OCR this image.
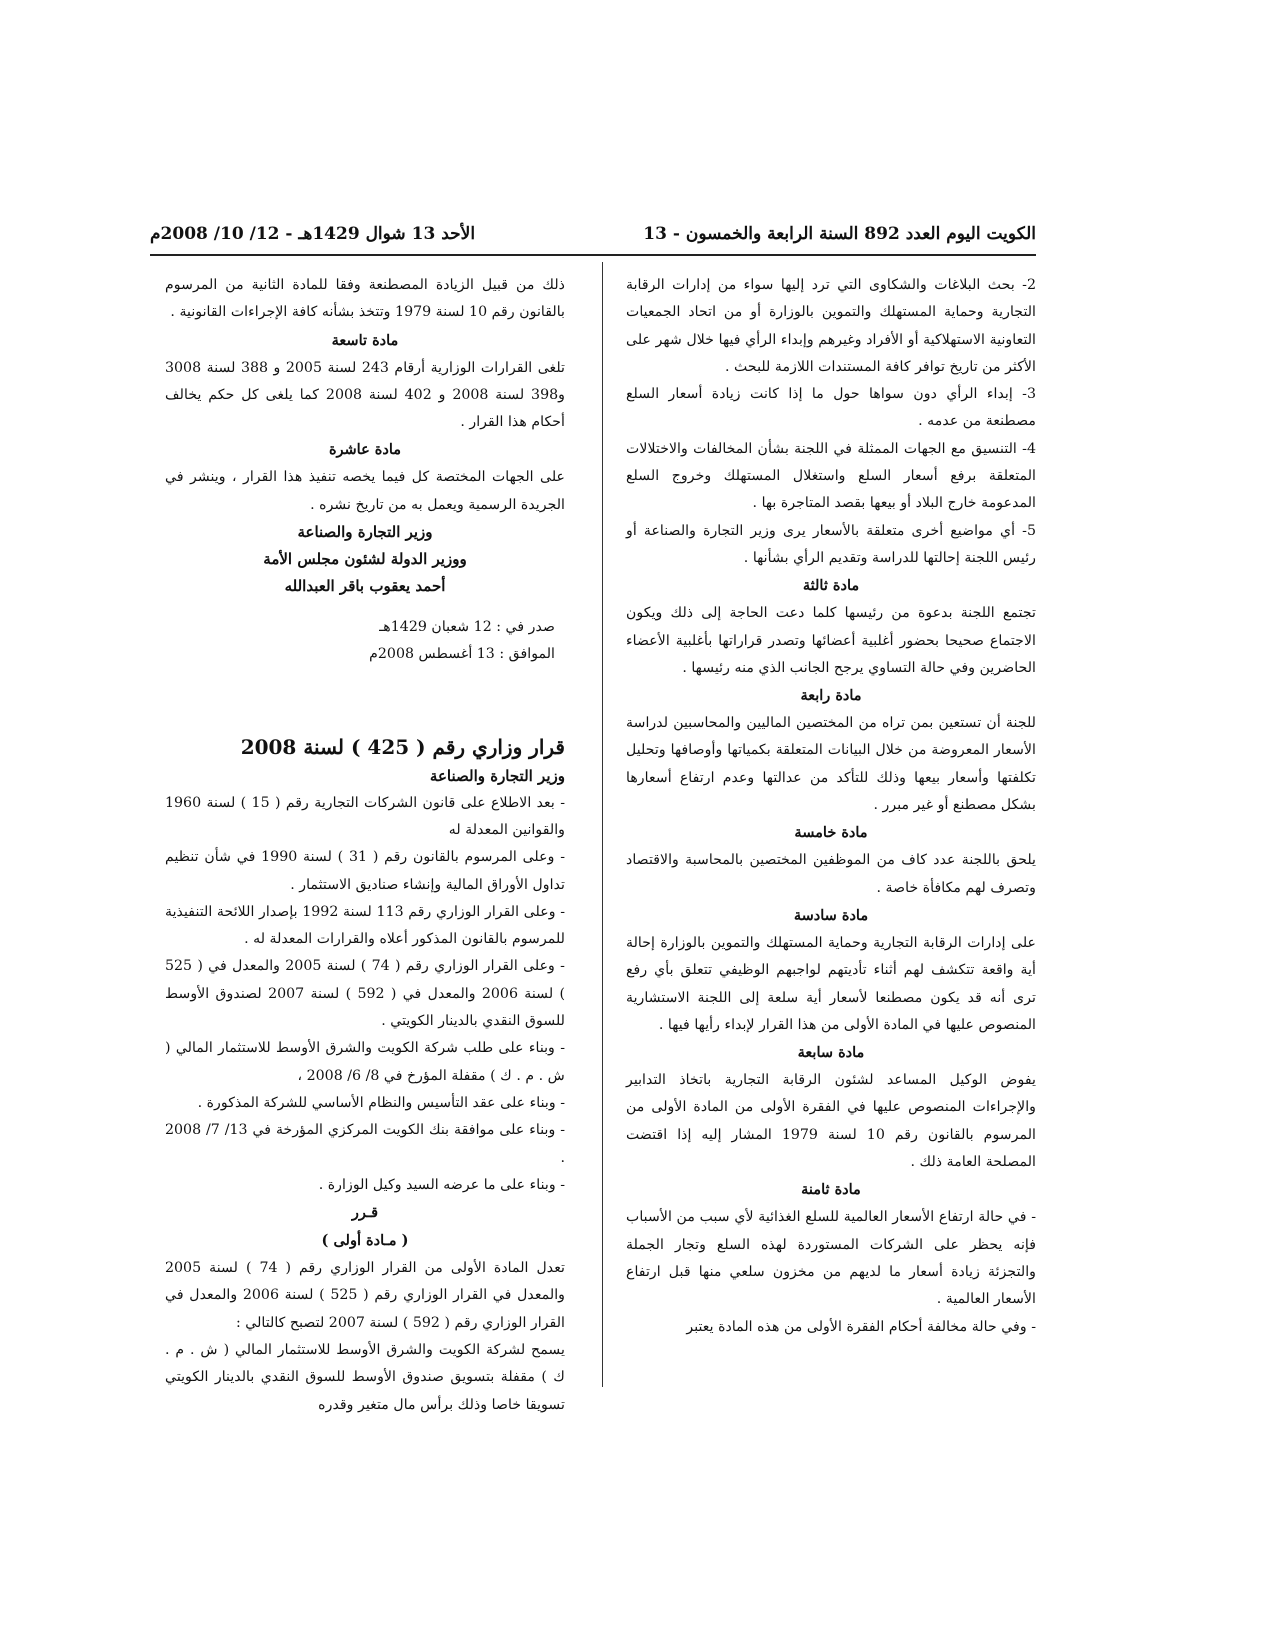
الكويت اليوم العدد 892 السنة الرابعة والخمسون - 13
الأحد 13 شوال 1429هـ - 12/ 10/ 2008م

2- بحث البلاغات والشكاوى التي ترد إليها سواء من إدارات الرقابة التجارية وحماية المستهلك والتموين بالوزارة أو من اتحاد الجمعيات التعاونية الاستهلاكية أو الأفراد وغيرهم وإبداء الرأي فيها خلال شهر على الأكثر من تاريخ توافر كافة المستندات اللازمة للبحث .

3- إبداء الرأي دون سواها حول ما إذا كانت زيادة أسعار السلع مصطنعة من عدمه .

4- التنسيق مع الجهات الممثلة في اللجنة بشأن المخالفات والاختلالات المتعلقة برفع أسعار السلع واستغلال المستهلك وخروج السلع المدعومة خارج البلاد أو بيعها بقصد المتاجرة بها .

5- أي مواضيع أخرى متعلقة بالأسعار يرى وزير التجارة والصناعة أو رئيس اللجنة إحالتها للدراسة وتقديم الرأي بشأنها .

مادة ثالثة

تجتمع اللجنة بدعوة من رئيسها كلما دعت الحاجة إلى ذلك ويكون الاجتماع صحيحا بحضور أغلبية أعضائها وتصدر قراراتها بأغلبية الأعضاء الحاضرين وفي حالة التساوي يرجح الجانب الذي منه رئيسها .

مادة رابعة

للجنة أن تستعين بمن تراه من المختصين الماليين والمحاسبين لدراسة الأسعار المعروضة من خلال البيانات المتعلقة بكمياتها وأوصافها وتحليل تكلفتها وأسعار بيعها وذلك للتأكد من عدالتها وعدم ارتفاع أسعارها بشكل مصطنع أو غير مبرر .

مادة خامسة

يلحق باللجنة عدد كاف من الموظفين المختصين بالمحاسبة والاقتصاد وتصرف لهم مكافأة خاصة .

مادة سادسة

على إدارات الرقابة التجارية وحماية المستهلك والتموين بالوزارة إحالة أية واقعة تتكشف لهم أثناء تأديتهم لواجبهم الوظيفي تتعلق بأي رفع ترى أنه قد يكون مصطنعا لأسعار أية سلعة إلى اللجنة الاستشارية المنصوص عليها في المادة الأولى من هذا القرار لإبداء رأيها فيها .

مادة سابعة

يفوض الوكيل المساعد لشئون الرقابة التجارية باتخاذ التدابير والإجراءات المنصوص عليها في الفقرة الأولى من المادة الأولى من المرسوم بالقانون رقم 10 لسنة 1979 المشار إليه إذا اقتضت المصلحة العامة ذلك .

مادة ثامنة

- في حالة ارتفاع الأسعار العالمية للسلع الغذائية لأي سبب من الأسباب فإنه يحظر على الشركات المستوردة لهذه السلع وتجار الجملة والتجزئة زيادة أسعار ما لديهم من مخزون سلعي منها قبل ارتفاع الأسعار العالمية .

- وفي حالة مخالفة أحكام الفقرة الأولى من هذه المادة يعتبر

ذلك من قبيل الزيادة المصطنعة وفقا للمادة الثانية من المرسوم بالقانون رقم 10 لسنة 1979 وتتخذ بشأنه كافة الإجراءات القانونية .

مادة تاسعة

تلغى القرارات الوزارية أرقام 243 لسنة 2005 و 388 لسنة 3008 و398 لسنة 2008 و 402 لسنة 2008 كما يلغى كل حكم يخالف أحكام هذا القرار .

مادة عاشرة

على الجهات المختصة كل فيما يخصه تنفيذ هذا القرار ، وينشر في الجريدة الرسمية ويعمل به من تاريخ نشره .

وزير التجارة والصناعة

ووزير الدولة لشئون مجلس الأمة

أحمد يعقوب باقر العبدالله

صدر في : 12 شعبان 1429هـ

الموافق : 13 أغسطس 2008م

قرار وزاري رقم ( 425 ) لسنة 2008

وزير التجارة والصناعة

- بعد الاطلاع على قانون الشركات التجارية رقم ( 15 ) لسنة 1960 والقوانين المعدلة له

- وعلى المرسوم بالقانون رقم ( 31 ) لسنة 1990 في شأن تنظيم تداول الأوراق المالية وإنشاء صناديق الاستثمار .

- وعلى القرار الوزاري رقم 113 لسنة 1992 بإصدار اللائحة التنفيذية للمرسوم بالقانون المذكور أعلاه والقرارات المعدلة له .

- وعلى القرار الوزاري رقم ( 74 ) لسنة 2005 والمعدل في ( 525 ) لسنة 2006 والمعدل في ( 592 ) لسنة 2007 لصندوق الأوسط للسوق النقدي بالدينار الكويتي .

- وبناء على طلب شركة الكويت والشرق الأوسط للاستثمار المالي ( ش . م . ك ) مقفلة المؤرخ في 8/ 6/ 2008 ،

- وبناء على عقد التأسيس والنظام الأساسي للشركة المذكورة .

- وبناء على موافقة بنك الكويت المركزي المؤرخة في 13/ 7/ 2008 .

- وبناء على ما عرضه السيد وكيل الوزارة .

قـرر

( مـادة أولى )

تعدل المادة الأولى من القرار الوزاري رقم ( 74 ) لسنة 2005 والمعدل في القرار الوزاري رقم ( 525 ) لسنة 2006 والمعدل في القرار الوزاري رقم ( 592 ) لسنة 2007 لتصبح كالتالي :

يسمح لشركة الكويت والشرق الأوسط للاستثمار المالي ( ش . م . ك ) مقفلة بتسويق صندوق الأوسط للسوق النقدي بالدينار الكويتي تسويقا خاصا وذلك برأس مال متغير وقدره
